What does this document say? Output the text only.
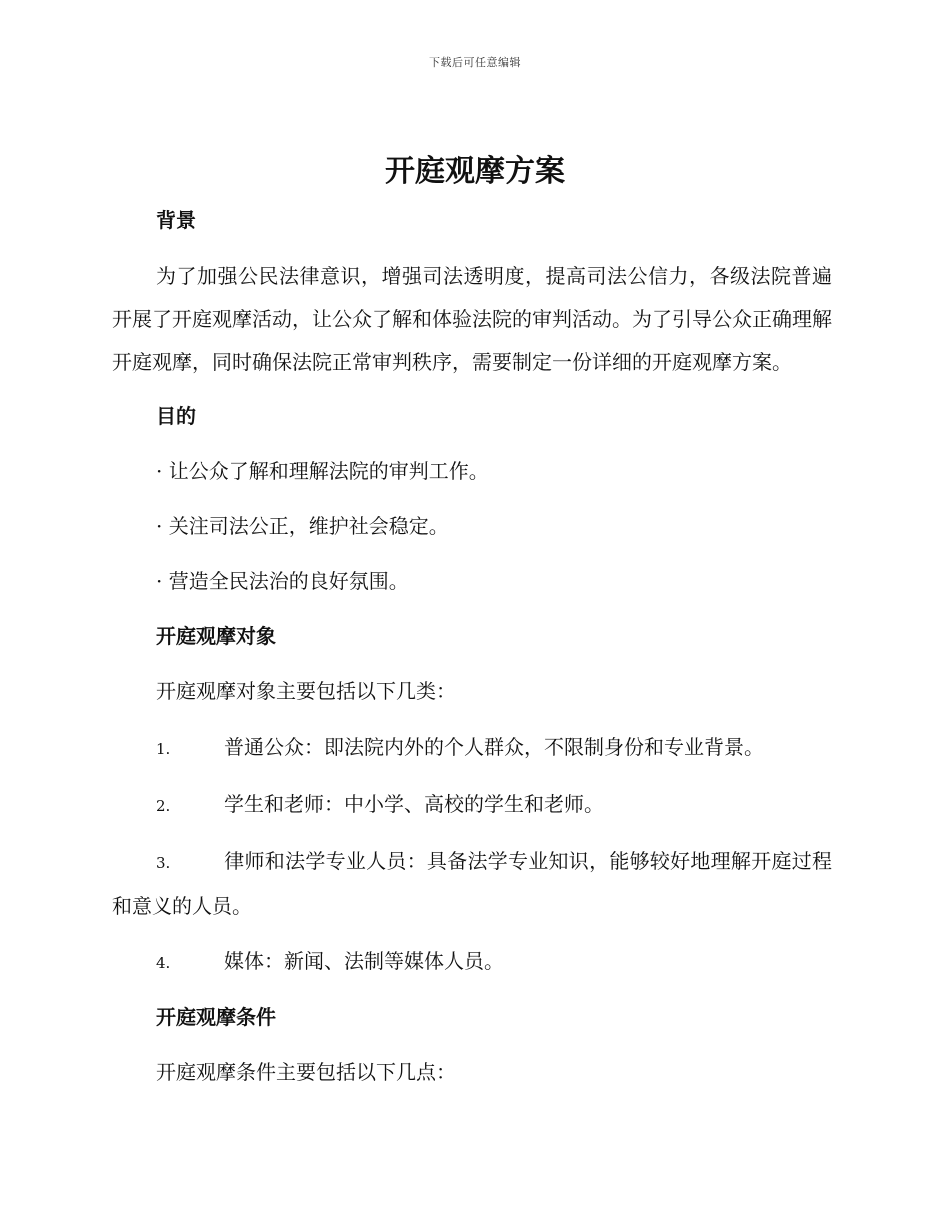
下载后可任意编辑
开庭观摩方案
背景

为了加强公民法律意识，增强司法透明度，提高司法公信力，各级法院普遍开展了开庭观摩活动，让公众了解和体验法院的审判活动。为了引导公众正确理解开庭观摩，同时确保法院正常审判秩序，需要制定一份详细的开庭观摩方案。

目的

· 让公众了解和理解法院的审判工作。

· 关注司法公正，维护社会稳定。

· 营造全民法治的良好氛围。

开庭观摩对象

开庭观摩对象主要包括以下几类：

1.	普通公众：即法院内外的个人群众，不限制身份和专业背景。

2.	学生和老师：中小学、高校的学生和老师。

3.	律师和法学专业人员：具备法学专业知识，能够较好地理解开庭过程和意义的人员。

4.	媒体：新闻、法制等媒体人员。

开庭观摩条件

开庭观摩条件主要包括以下几点：
